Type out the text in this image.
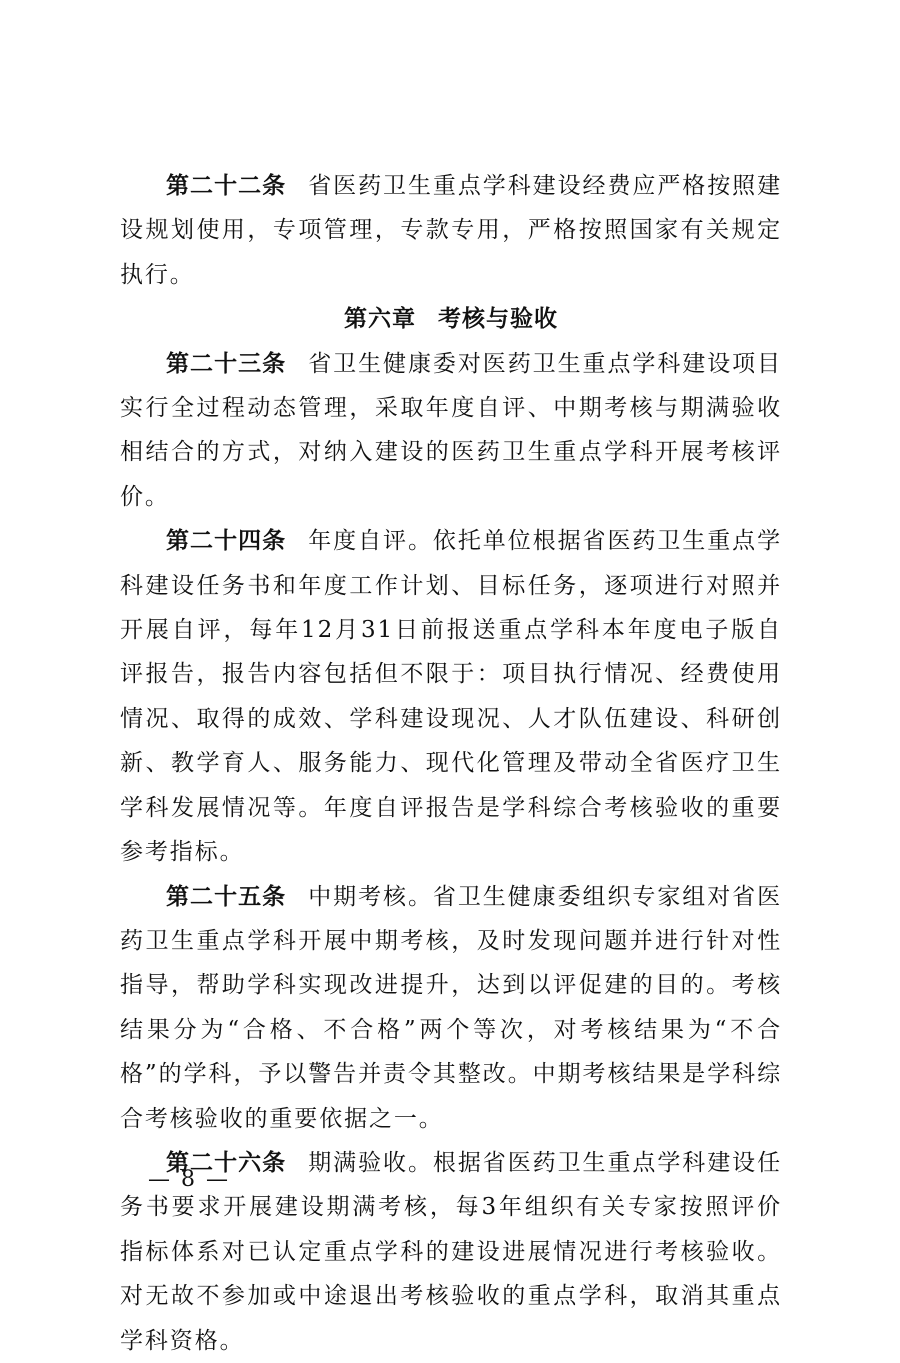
第二十二条 省医药卫生重点学科建设经费应严格按照建设规划使用，专项管理，专款专用，严格按照国家有关规定执行。

第六章 考核与验收

第二十三条 省卫生健康委对医药卫生重点学科建设项目实行全过程动态管理，采取年度自评、中期考核与期满验收相结合的方式，对纳入建设的医药卫生重点学科开展考核评价。

第二十四条 年度自评。依托单位根据省医药卫生重点学科建设任务书和年度工作计划、目标任务，逐项进行对照并开展自评，每年12月31日前报送重点学科本年度电子版自评报告，报告内容包括但不限于：项目执行情况、经费使用情况、取得的成效、学科建设现况、人才队伍建设、科研创新、教学育人、服务能力、现代化管理及带动全省医疗卫生学科发展情况等。年度自评报告是学科综合考核验收的重要参考指标。

第二十五条 中期考核。省卫生健康委组织专家组对省医药卫生重点学科开展中期考核，及时发现问题并进行针对性指导，帮助学科实现改进提升，达到以评促建的目的。考核结果分为“合格、不合格”两个等次，对考核结果为“不合格”的学科，予以警告并责令其整改。中期考核结果是学科综合考核验收的重要依据之一。

第二十六条 期满验收。根据省医药卫生重点学科建设任务书要求开展建设期满考核，每3年组织有关专家按照评价指标体系对已认定重点学科的建设进展情况进行考核验收。对无故不参加或中途退出考核验收的重点学科，取消其重点学科资格。

— 8 —
